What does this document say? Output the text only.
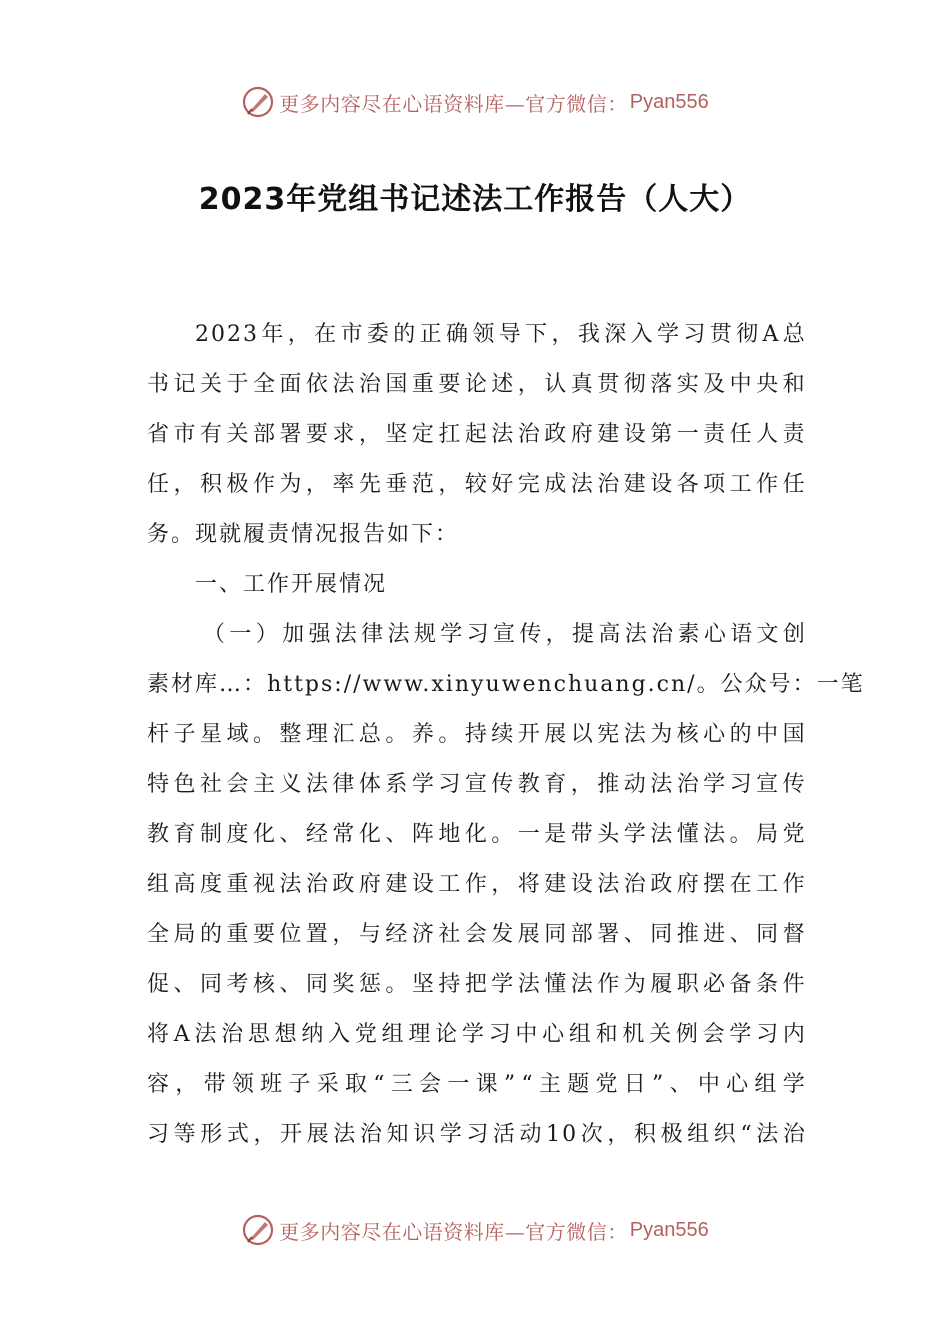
更多内容尽在心语资料库—官方微信： Pyan556
2023年党组书记述法工作报告（人大）
2023 年 ， 在 市 委 的 正 确 领 导 下 ， 我 深 入 学 习 贯 彻 A 总
书 记 关 于 全 面 依 法 治 国 重 要 论 述 ， 认 真 贯 彻 落 实 及 中 央 和
省 市 有 关 部 署 要 求 ， 坚 定 扛 起 法 治 政 府 建 设 第 一 责 任 人 责
任 ， 积 极 作 为 ， 率 先 垂 范 ， 较 好 完 成 法 治 建 设 各 项 工 作 任
务。现就履责情况报告如下：
一、工作开展情况
（ 一 ） 加 强 法 律 法 规 学 习 宣 传 ， 提 高 法 治 素 心 语 文 创
素 材 库 … ： https://www.xinyuwenchuang.cn/ 。 公 众 号 ： 一 笔
杆 子 星 域 。 整 理 汇 总 。 养 。 持 续 开 展 以 宪 法 为 核 心 的 中 国
特 色 社 会 主 义 法 律 体 系 学 习 宣 传 教 育 ， 推 动 法 治 学 习 宣 传
教 育 制 度 化 、 经 常 化 、 阵 地 化 。 一 是 带 头 学 法 懂 法 。 局 党
组 高 度 重 视 法 治 政 府 建 设 工 作 ， 将 建 设 法 治 政 府 摆 在 工 作
全 局 的 重 要 位 置 ， 与 经 济 社 会 发 展 同 部 署 、 同 推 进 、 同 督
促 、 同 考 核 、 同 奖 惩 。 坚 持 把 学 法 懂 法 作 为 履 职 必 备 条 件
将 A 法 治 思 想 纳 入 党 组 理 论 学 习 中 心 组 和 机 关 例 会 学 习 内
容 ， 带 领 班 子 采 取 “ 三 会 一 课 ” “ 主 题 党 日 ” 、 中 心 组 学
习 等 形 式 ， 开 展 法 治 知 识 学 习 活 动 10 次 ， 积 极 组 织 “ 法 治
更多内容尽在心语资料库—官方微信： Pyan556
